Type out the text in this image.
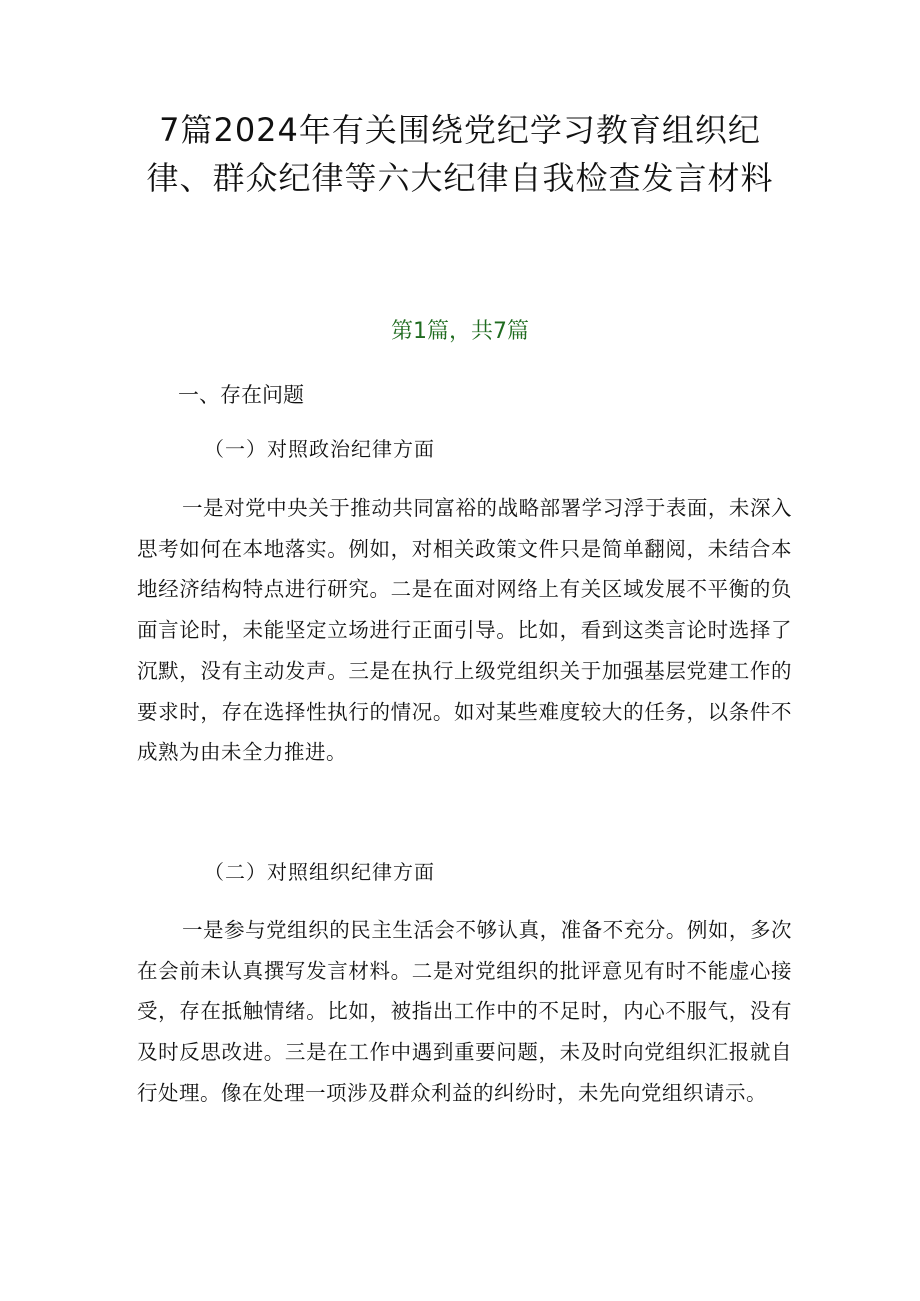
7篇2024年有关围绕党纪学习教育组织纪律、群众纪律等六大纪律自我检查发言材料
第1篇，共7篇
一、存在问题
（一）对照政治纪律方面

一是对党中央关于推动共同富裕的战略部署学习浮于表面，未深入思考如何在本地落实。例如，对相关政策文件只是简单翻阅，未结合本地经济结构特点进行研究。二是在面对网络上有关区域发展不平衡的负面言论时，未能坚定立场进行正面引导。比如，看到这类言论时选择了沉默，没有主动发声。三是在执行上级党组织关于加强基层党建工作的要求时，存在选择性执行的情况。如对某些难度较大的任务，以条件不成熟为由未全力推进。

（二）对照组织纪律方面

一是参与党组织的民主生活会不够认真，准备不充分。例如，多次在会前未认真撰写发言材料。二是对党组织的批评意见有时不能虚心接受，存在抵触情绪。比如，被指出工作中的不足时，内心不服气，没有及时反思改进。三是在工作中遇到重要问题，未及时向党组织汇报就自行处理。像在处理一项涉及群众利益的纠纷时，未先向党组织请示。
